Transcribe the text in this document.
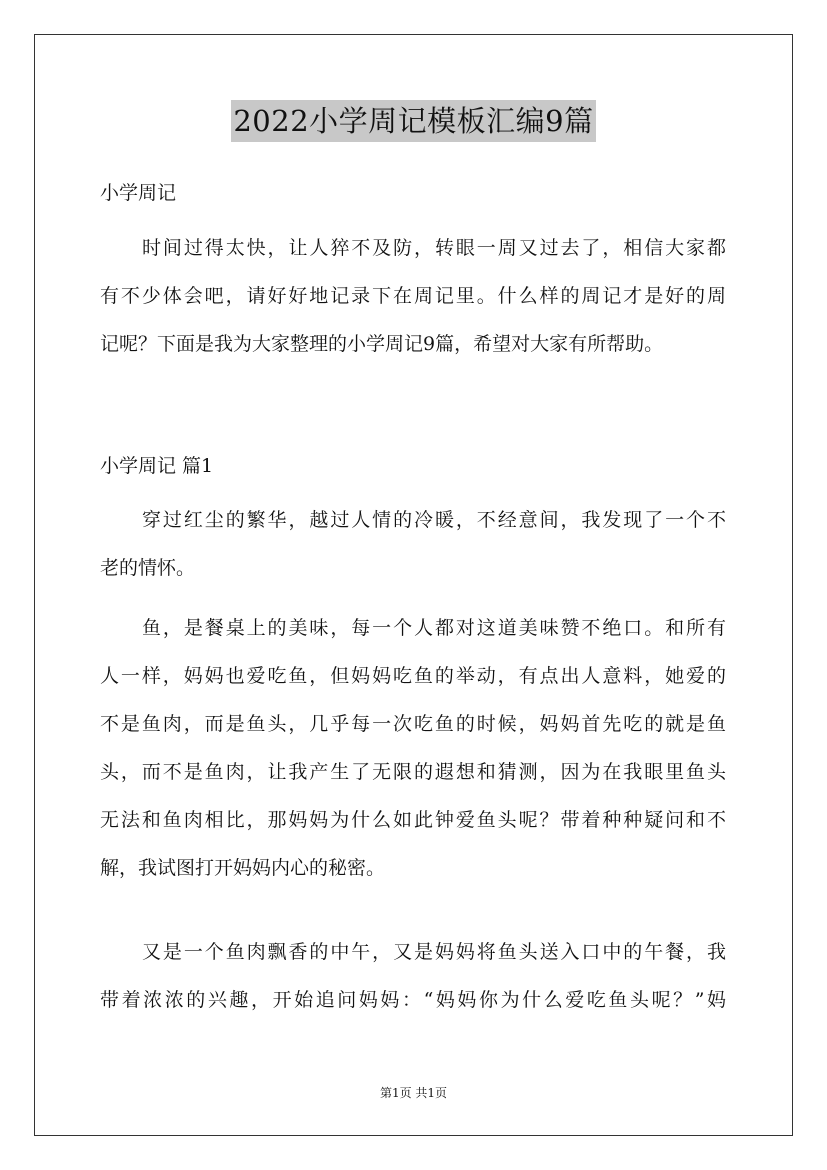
2022小学周记模板汇编9篇
小学周记
时间过得太快，让人猝不及防，转眼一周又过去了，相信大家都
有不少体会吧，请好好地记录下在周记里。什么样的周记才是好的周
记呢？下面是我为大家整理的小学周记9篇，希望对大家有所帮助。
小学周记 篇1
穿过红尘的繁华，越过人情的冷暖，不经意间，我发现了一个不
老的情怀。
鱼，是餐桌上的美味，每一个人都对这道美味赞不绝口。和所有
人一样，妈妈也爱吃鱼，但妈妈吃鱼的举动，有点出人意料，她爱的
不是鱼肉，而是鱼头，几乎每一次吃鱼的时候，妈妈首先吃的就是鱼
头，而不是鱼肉，让我产生了无限的遐想和猜测，因为在我眼里鱼头
无法和鱼肉相比，那妈妈为什么如此钟爱鱼头呢？带着种种疑问和不
解，我试图打开妈妈内心的秘密。
又是一个鱼肉飘香的中午，又是妈妈将鱼头送入口中的午餐，我
带着浓浓的兴趣，开始追问妈妈：“妈妈你为什么爱吃鱼头呢？”妈
第1页 共1页
